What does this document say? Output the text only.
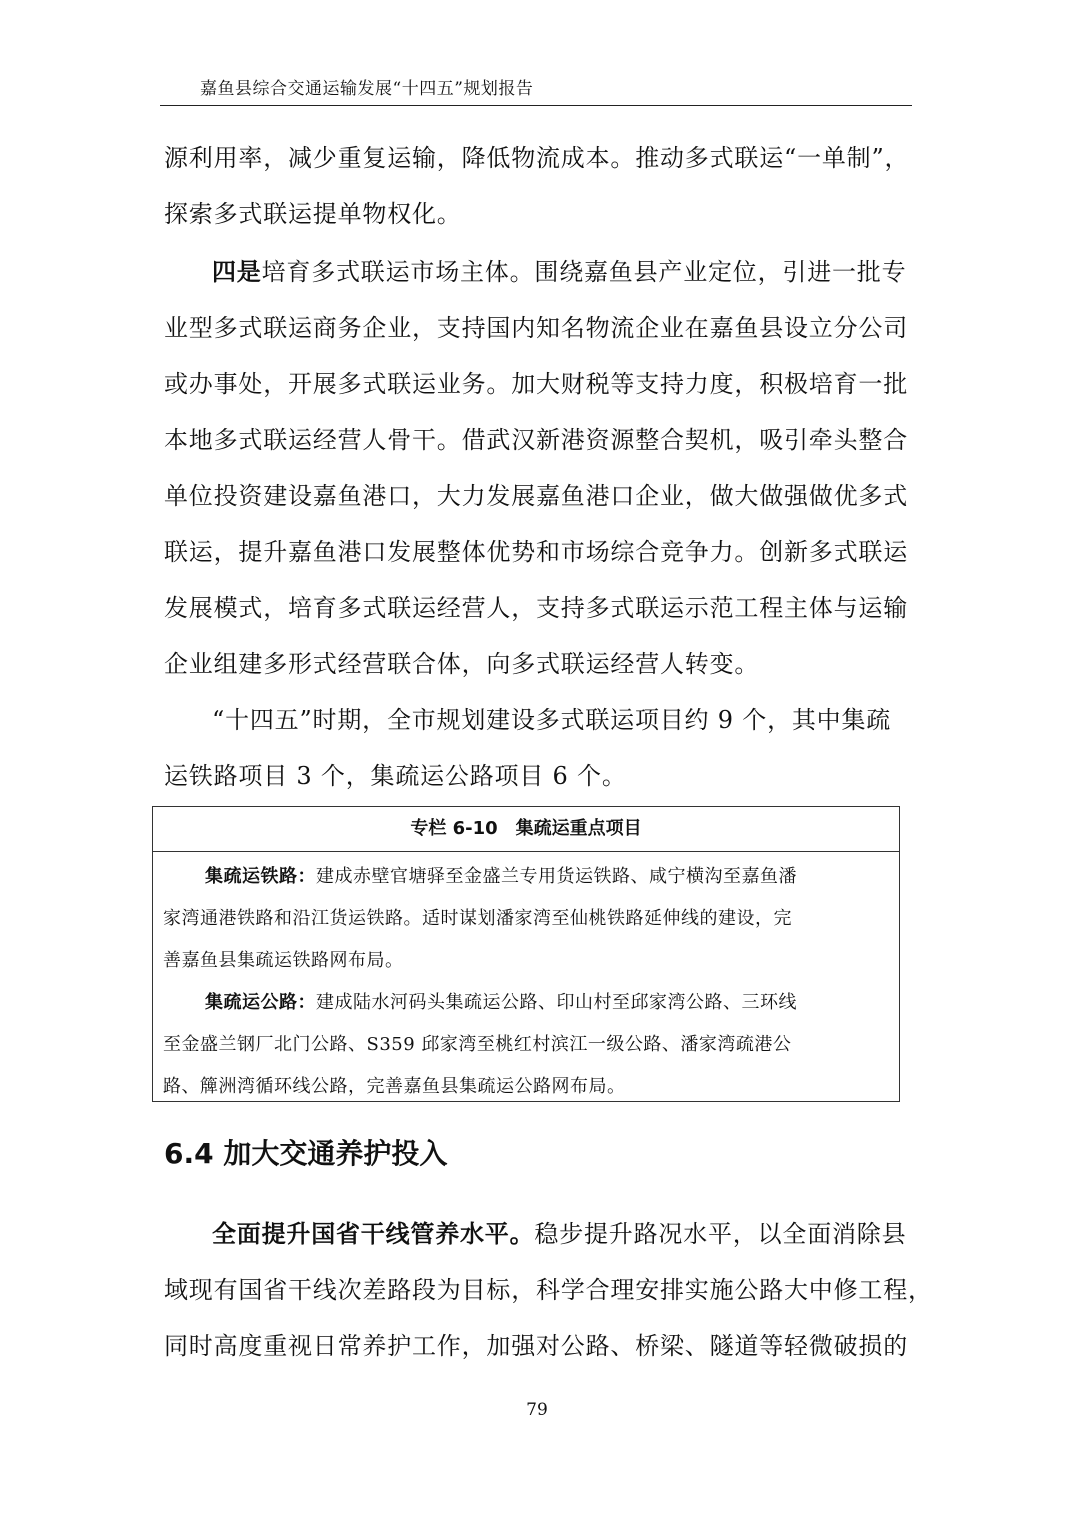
嘉鱼县综合交通运输发展“十四五”规划报告
源利用率，减少重复运输，降低物流成本。推动多式联运“一单制”，
探索多式联运提单物权化。
四是培育多式联运市场主体。围绕嘉鱼县产业定位，引进一批专
业型多式联运商务企业，支持国内知名物流企业在嘉鱼县设立分公司
或办事处，开展多式联运业务。加大财税等支持力度，积极培育一批
本地多式联运经营人骨干。借武汉新港资源整合契机，吸引牵头整合
单位投资建设嘉鱼港口，大力发展嘉鱼港口企业，做大做强做优多式
联运，提升嘉鱼港口发展整体优势和市场综合竞争力。创新多式联运
发展模式，培育多式联运经营人，支持多式联运示范工程主体与运输
企业组建多形式经营联合体，向多式联运经营人转变。
“十四五”时期，全市规划建设多式联运项目约 9 个，其中集疏
运铁路项目 3 个，集疏运公路项目 6 个。
专栏 6-10　集疏运重点项目
集疏运铁路：建成赤壁官塘驿至金盛兰专用货运铁路、咸宁横沟至嘉鱼潘
家湾通港铁路和沿江货运铁路。适时谋划潘家湾至仙桃铁路延伸线的建设，完
善嘉鱼县集疏运铁路网布局。
集疏运公路：建成陆水河码头集疏运公路、印山村至邱家湾公路、三环线
至金盛兰钢厂北门公路、S359 邱家湾至桃红村滨江一级公路、潘家湾疏港公
路、簰洲湾循环线公路，完善嘉鱼县集疏运公路网布局。
6.4 加大交通养护投入
全面提升国省干线管养水平。稳步提升路况水平，以全面消除县
域现有国省干线次差路段为目标，科学合理安排实施公路大中修工程，
同时高度重视日常养护工作，加强对公路、桥梁、隧道等轻微破损的
79
